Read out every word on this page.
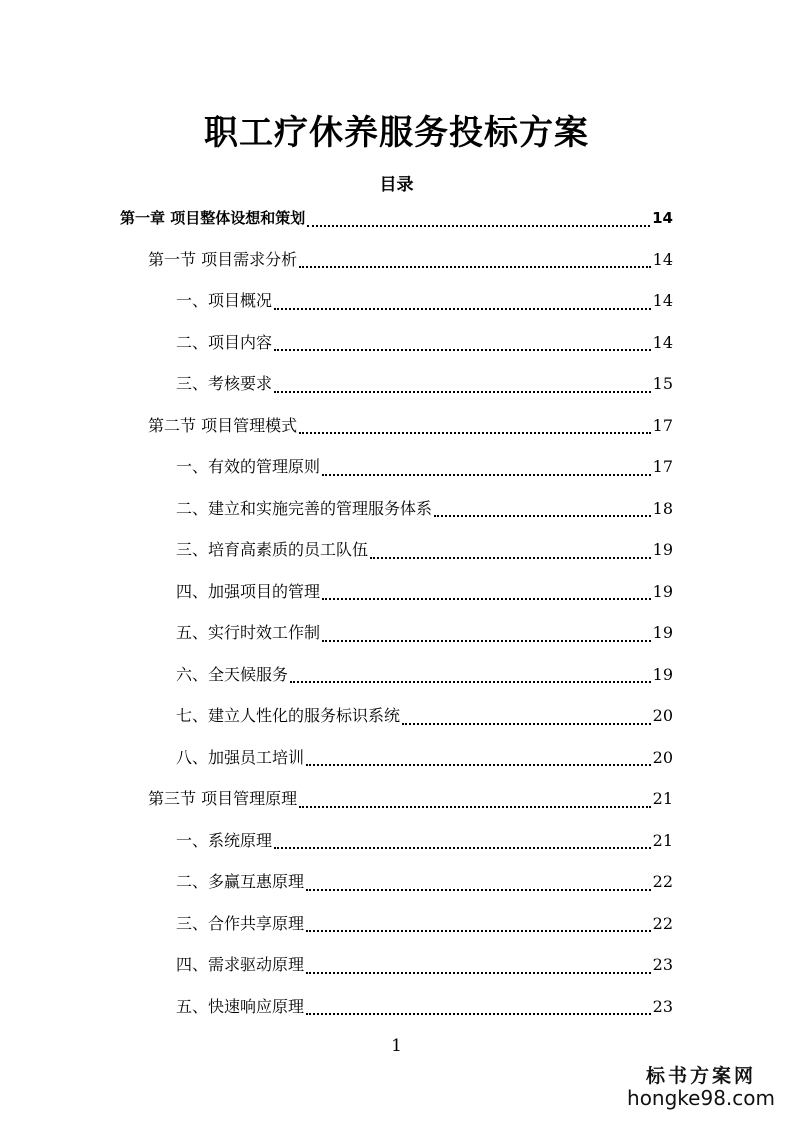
职工疗休养服务投标方案
目录
第一章 项目整体设想和策划	14
第一节 项目需求分析	14
一、项目概况	14
二、项目内容	14
三、考核要求	15
第二节 项目管理模式	17
一、有效的管理原则	17
二、建立和实施完善的管理服务体系	18
三、培育高素质的员工队伍	19
四、加强项目的管理	19
五、实行时效工作制	19
六、全天候服务	19
七、建立人性化的服务标识系统	20
八、加强员工培训	20
第三节 项目管理原理	21
一、系统原理	21
二、多赢互惠原理	22
三、合作共享原理	22
四、需求驱动原理	23
五、快速响应原理	23
1
标书方案网
hongke98.com
